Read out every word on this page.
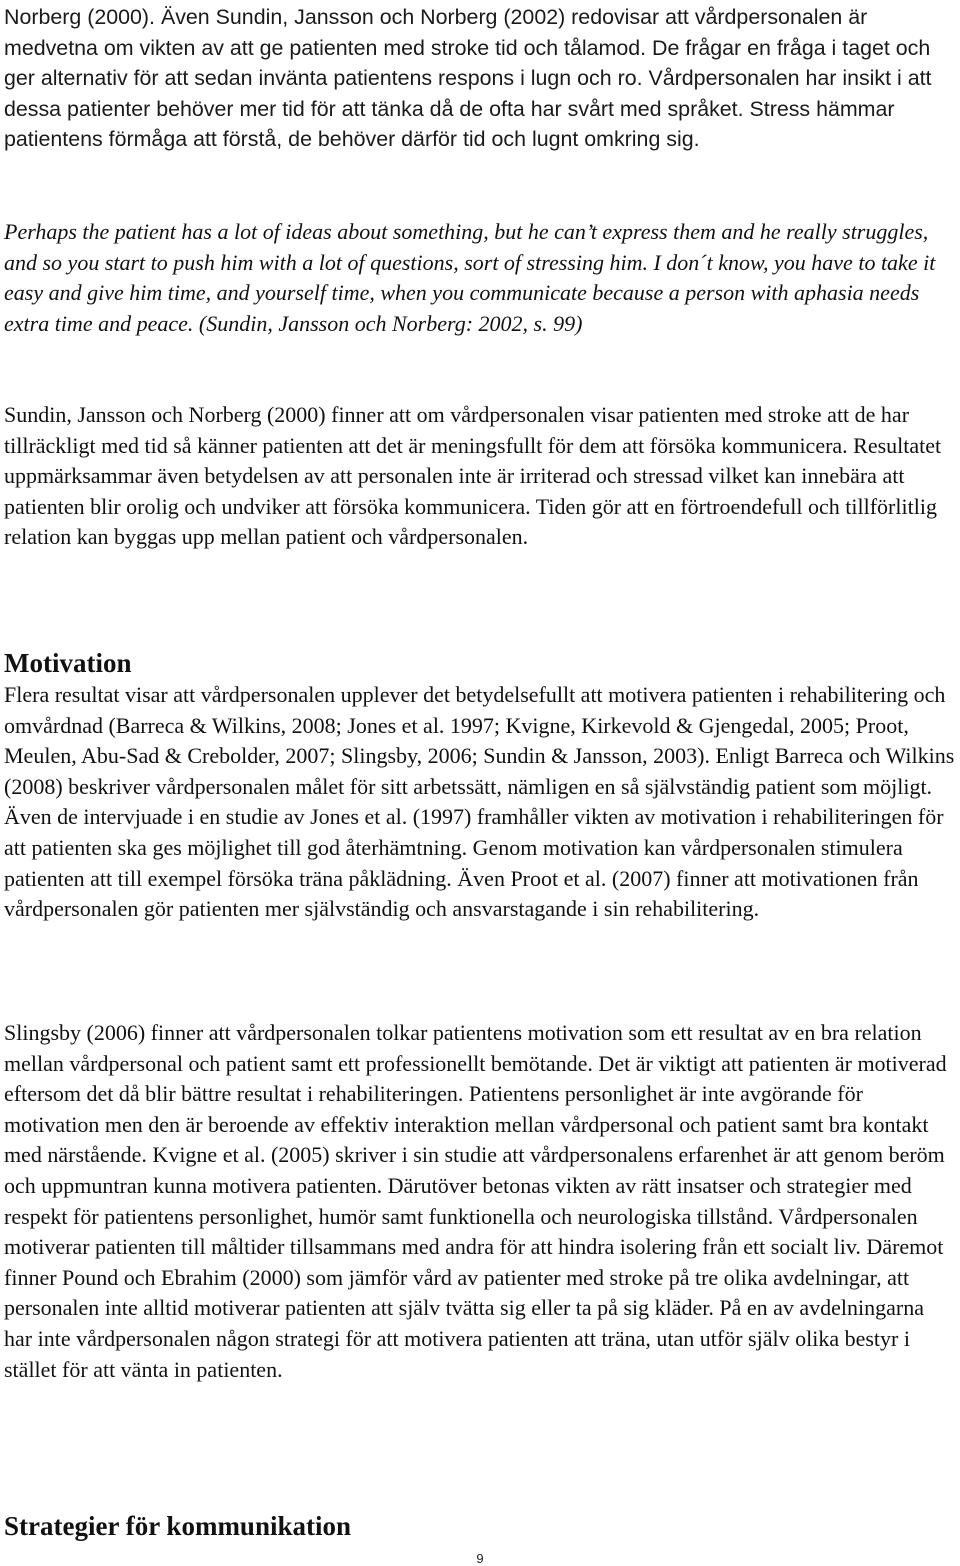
Norberg (2000). Även Sundin, Jansson och Norberg (2002) redovisar att vårdpersonalen är medvetna om vikten av att ge patienten med stroke tid och tålamod. De frågar en fråga i taget och ger alternativ för att sedan invänta patientens respons i lugn och ro. Vårdpersonalen har insikt i att dessa patienter behöver mer tid för att tänka då de ofta har svårt med språket. Stress hämmar patientens förmåga att förstå, de behöver därför tid och lugnt omkring sig.

Perhaps the patient has a lot of ideas about something, but he can’t express them and he really struggles, and so you start to push him with a lot of questions, sort of stressing him. I don´t know, you have to take it easy and give him time, and yourself time, when you communicate because a person with aphasia needs extra time and peace. (Sundin, Jansson och Norberg: 2002, s. 99)

Sundin, Jansson och Norberg (2000) finner att om vårdpersonalen visar patienten med stroke att de har tillräckligt med tid så känner patienten att det är meningsfullt för dem att försöka kommunicera. Resultatet uppmärksammar även betydelsen av att personalen inte är irriterad och stressad vilket kan innebära att patienten blir orolig och undviker att försöka kommunicera. Tiden gör att en förtroendefull och tillförlitlig relation kan byggas upp mellan patient och vårdpersonalen.

Motivation

Flera resultat visar att vårdpersonalen upplever det betydelsefullt att motivera patienten i rehabilitering och omvårdnad (Barreca & Wilkins, 2008; Jones et al. 1997; Kvigne, Kirkevold & Gjengedal, 2005; Proot, Meulen, Abu-Sad & Crebolder, 2007; Slingsby, 2006; Sundin & Jansson, 2003). Enligt Barreca och Wilkins (2008) beskriver vårdpersonalen målet för sitt arbetssätt, nämligen en så självständig patient som möjligt. Även de intervjuade i en studie av Jones et al. (1997) framhåller vikten av motivation i rehabiliteringen för att patienten ska ges möjlighet till god återhämtning. Genom motivation kan vårdpersonalen stimulera patienten att till exempel försöka träna påklädning. Även Proot et al. (2007) finner att motivationen från vårdpersonalen gör patienten mer självständig och ansvarstagande i sin rehabilitering.

Slingsby (2006) finner att vårdpersonalen tolkar patientens motivation som ett resultat av en bra relation mellan vårdpersonal och patient samt ett professionellt bemötande. Det är viktigt att patienten är motiverad eftersom det då blir bättre resultat i rehabiliteringen. Patientens personlighet är inte avgörande för motivation men den är beroende av effektiv interaktion mellan vårdpersonal och patient samt bra kontakt med närstående. Kvigne et al. (2005) skriver i sin studie att vårdpersonalens erfarenhet är att genom beröm och uppmuntran kunna motivera patienten. Därutöver betonas vikten av rätt insatser och strategier med respekt för patientens personlighet, humör samt funktionella och neurologiska tillstånd. Vårdpersonalen motiverar patienten till måltider tillsammans med andra för att hindra isolering från ett socialt liv. Däremot finner Pound och Ebrahim (2000) som jämför vård av patienter med stroke på tre olika avdelningar, att personalen inte alltid motiverar patienten att själv tvätta sig eller ta på sig kläder. På en av avdelningarna har inte vårdpersonalen någon strategi för att motivera patienten att träna, utan utför själv olika bestyr i stället för att vänta in patienten.

Strategier för kommunikation
9
